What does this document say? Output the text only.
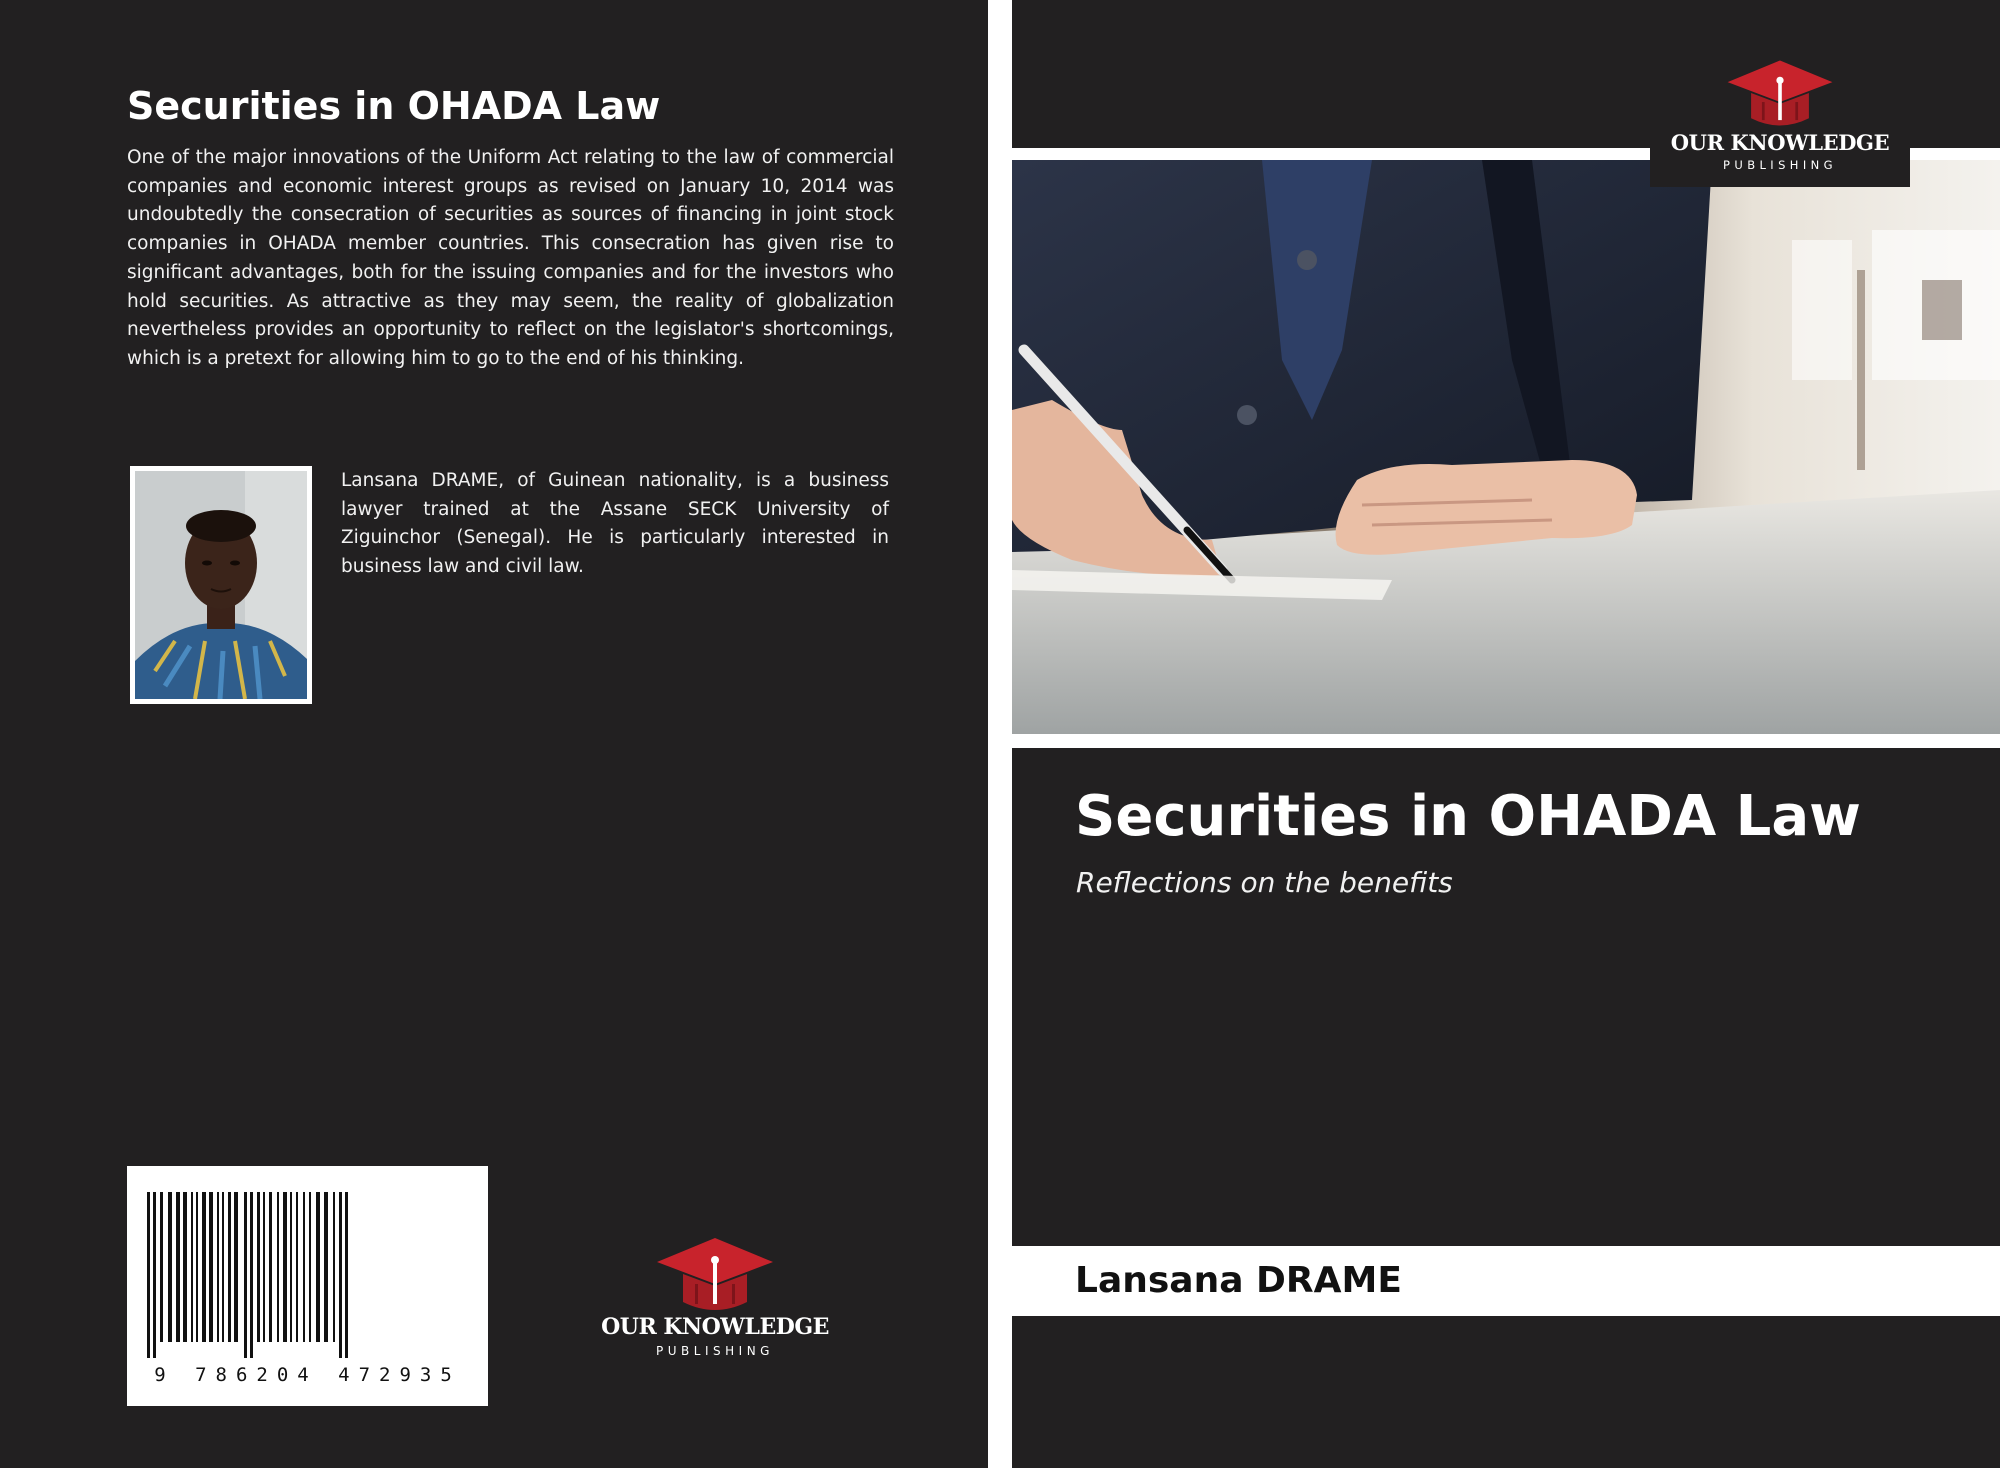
Securities in OHADA Law

One of the major innovations of the Uniform Act relating to the law of commercial companies and economic interest groups as revised on January 10, 2014 was undoubtedly the consecration of securities as sources of financing in joint stock companies in OHADA member countries. This consecration has given rise to significant advantages, both for the issuing companies and for the investors who hold securities. As attractive as they may seem, the reality of globalization nevertheless provides an opportunity to reflect on the legislator's shortcomings, which is a pretext for allowing him to go to the end of his thinking.

Lansana DRAME, of Guinean nationality, is a business lawyer trained at the Assane SECK University of Ziguinchor (Senegal). He is particularly interested in business law and civil law.

9 786204 472935
OUR KNOWLEDGE
PUBLISHING
OUR KNOWLEDGE
PUBLISHING
Securities in OHADA Law
Reflections on the benefits
Lansana DRAME
